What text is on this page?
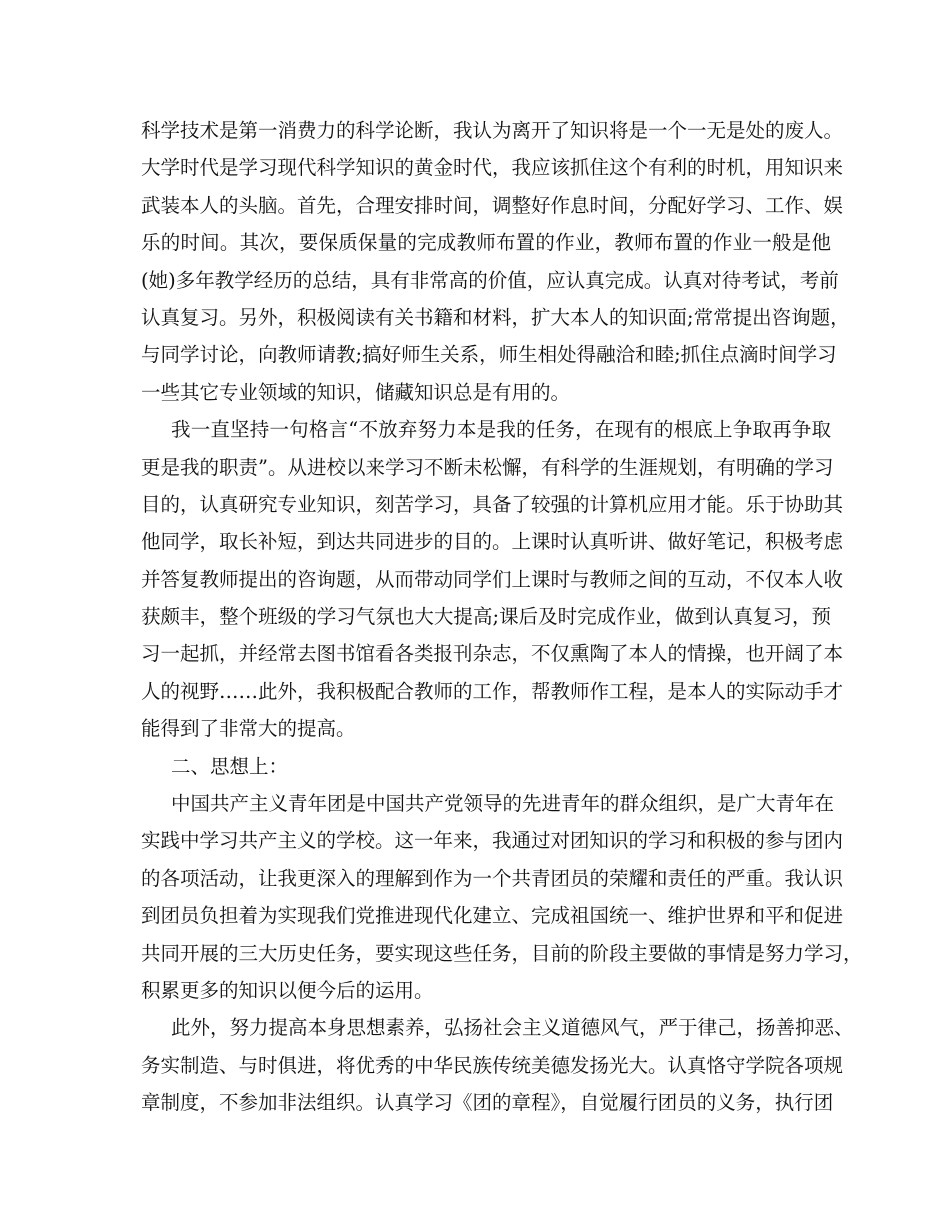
科学技术是第一消费力的科学论断，我认为离开了知识将是一个一无是处的废人。
大学时代是学习现代科学知识的黄金时代，我应该抓住这个有利的时机，用知识来
武装本人的头脑。首先，合理安排时间，调整好作息时间，分配好学习、工作、娱
乐的时间。其次，要保质保量的完成教师布置的作业，教师布置的作业一般是他
(她)多年教学经历的总结，具有非常高的价值，应认真完成。认真对待考试，考前
认真复习。另外，积极阅读有关书籍和材料，扩大本人的知识面;常常提出咨询题，
与同学讨论，向教师请教;搞好师生关系，师生相处得融洽和睦;抓住点滴时间学习
一些其它专业领域的知识，储藏知识总是有用的。
我一直坚持一句格言“不放弃努力本是我的任务，在现有的根底上争取再争取
更是我的职责”。从进校以来学习不断未松懈，有科学的生涯规划，有明确的学习
目的，认真研究专业知识，刻苦学习，具备了较强的计算机应用才能。乐于协助其
他同学，取长补短，到达共同进步的目的。上课时认真听讲、做好笔记，积极考虑
并答复教师提出的咨询题，从而带动同学们上课时与教师之间的互动，不仅本人收
获颇丰，整个班级的学习气氛也大大提高;课后及时完成作业，做到认真复习，预
习一起抓，并经常去图书馆看各类报刊杂志，不仅熏陶了本人的情操，也开阔了本
人的视野……此外，我积极配合教师的工作，帮教师作工程，是本人的实际动手才
能得到了非常大的提高。
二、思想上：
中国共产主义青年团是中国共产党领导的先进青年的群众组织，是广大青年在
实践中学习共产主义的学校。这一年来，我通过对团知识的学习和积极的参与团内
的各项活动，让我更深入的理解到作为一个共青团员的荣耀和责任的严重。我认识
到团员负担着为实现我们党推进现代化建立、完成祖国统一、维护世界和平和促进
共同开展的三大历史任务，要实现这些任务，目前的阶段主要做的事情是努力学习，
积累更多的知识以便今后的运用。
此外，努力提高本身思想素养，弘扬社会主义道德风气，严于律己，扬善抑恶、
务实制造、与时俱进，将优秀的中华民族传统美德发扬光大。认真恪守学院各项规
章制度，不参加非法组织。认真学习《团的章程》，自觉履行团员的义务，执行团
